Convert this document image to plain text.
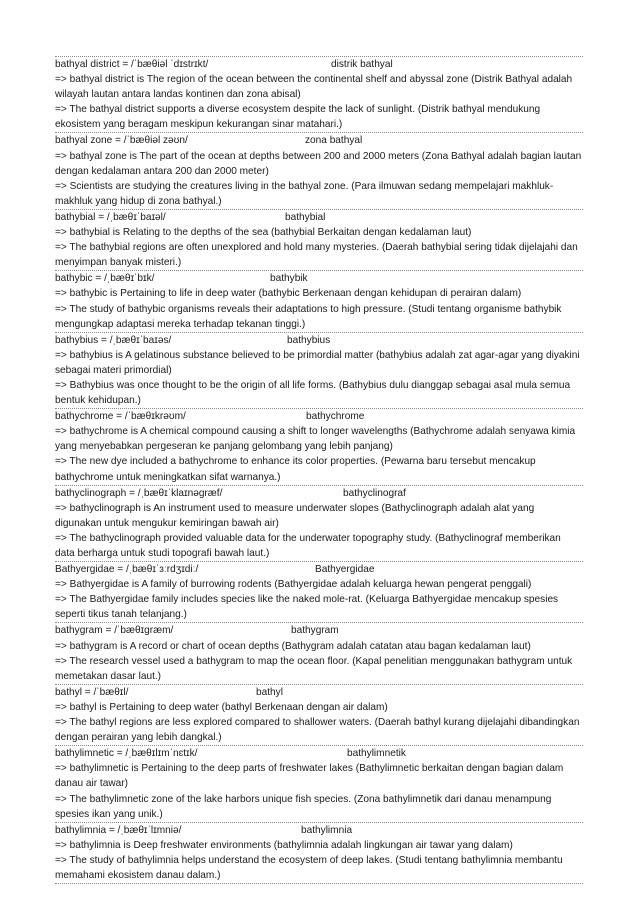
bathyal district = /ˈbæθiəl ˈdɪstrɪkt/	distrik bathyal

=> bathyal district is The region of the ocean between the continental shelf and abyssal zone (Distrik Bathyal adalah wilayah lautan antara landas kontinen dan zona abisal)

=> The bathyal district supports a diverse ecosystem despite the lack of sunlight. (Distrik bathyal mendukung ekosistem yang beragam meskipun kekurangan sinar matahari.)

bathyal zone = /ˈbæθiəl zəʊn/	zona bathyal

=> bathyal zone is The part of the ocean at depths between 200 and 2000 meters (Zona Bathyal adalah bagian lautan dengan kedalaman antara 200 dan 2000 meter)

=> Scientists are studying the creatures living in the bathyal zone. (Para ilmuwan sedang mempelajari makhluk-makhluk yang hidup di zona bathyal.)

bathybial = /ˌbæθɪˈbaɪəl/	bathybial

=> bathybial is Relating to the depths of the sea (bathybial Berkaitan dengan kedalaman laut)

=> The bathybial regions are often unexplored and hold many mysteries. (Daerah bathybial sering tidak dijelajahi dan menyimpan banyak misteri.)

bathybic = /ˌbæθɪˈbɪk/	bathybik

=> bathybic is Pertaining to life in deep water (bathybic Berkenaan dengan kehidupan di perairan dalam)

=> The study of bathybic organisms reveals their adaptations to high pressure. (Studi tentang organisme bathybik mengungkap adaptasi mereka terhadap tekanan tinggi.)

bathybius = /ˌbæθɪˈbaɪəs/	bathybius

=> bathybius is A gelatinous substance believed to be primordial matter (bathybius adalah zat agar-agar yang diyakini sebagai materi primordial)

=> Bathybius was once thought to be the origin of all life forms. (Bathybius dulu dianggap sebagai asal mula semua bentuk kehidupan.)

bathychrome = /ˈbæθɪkrəʊm/	bathychrome

=> bathychrome is A chemical compound causing a shift to longer wavelengths (Bathychrome adalah senyawa kimia yang menyebabkan pergeseran ke panjang gelombang yang lebih panjang)

=> The new dye included a bathychrome to enhance its color properties. (Pewarna baru tersebut mencakup bathychrome untuk meningkatkan sifat warnanya.)

bathyclinograph = /ˌbæθɪˈklaɪnəgræf/	bathyclinograf

=> bathyclinograph is An instrument used to measure underwater slopes (Bathyclinograph adalah alat yang digunakan untuk mengukur kemiringan bawah air)

=> The bathyclinograph provided valuable data for the underwater topography study. (Bathyclinograf memberikan data berharga untuk studi topografi bawah laut.)

Bathyergidae = /ˌbæθɪˈɜːrdʒɪdiː/	Bathyergidae

=> Bathyergidae is A family of burrowing rodents (Bathyergidae adalah keluarga hewan pengerat penggali)

=> The Bathyergidae family includes species like the naked mole-rat. (Keluarga Bathyergidae mencakup spesies seperti tikus tanah telanjang.)

bathygram = /ˈbæθɪgræm/	bathygram

=> bathygram is A record or chart of ocean depths (Bathygram adalah catatan atau bagan kedalaman laut)

=> The research vessel used a bathygram to map the ocean floor. (Kapal penelitian menggunakan bathygram untuk memetakan dasar laut.)

bathyl = /ˈbæθɪl/	bathyl

=> bathyl is Pertaining to deep water (bathyl Berkenaan dengan air dalam)

=> The bathyl regions are less explored compared to shallower waters. (Daerah bathyl kurang dijelajahi dibandingkan dengan perairan yang lebih dangkal.)

bathylimnetic = /ˌbæθɪlɪmˈnɛtɪk/	bathylimnetik

=> bathylimnetic is Pertaining to the deep parts of freshwater lakes (Bathylimnetic berkaitan dengan bagian dalam danau air tawar)

=> The bathylimnetic zone of the lake harbors unique fish species. (Zona bathylimnetik dari danau menampung spesies ikan yang unik.)

bathylimnia = /ˌbæθɪˈlɪmniə/	bathylimnia

=> bathylimnia is Deep freshwater environments (bathylimnia adalah lingkungan air tawar yang dalam)

=> The study of bathylimnia helps understand the ecosystem of deep lakes. (Studi tentang bathylimnia membantu memahami ekosistem danau dalam.)
